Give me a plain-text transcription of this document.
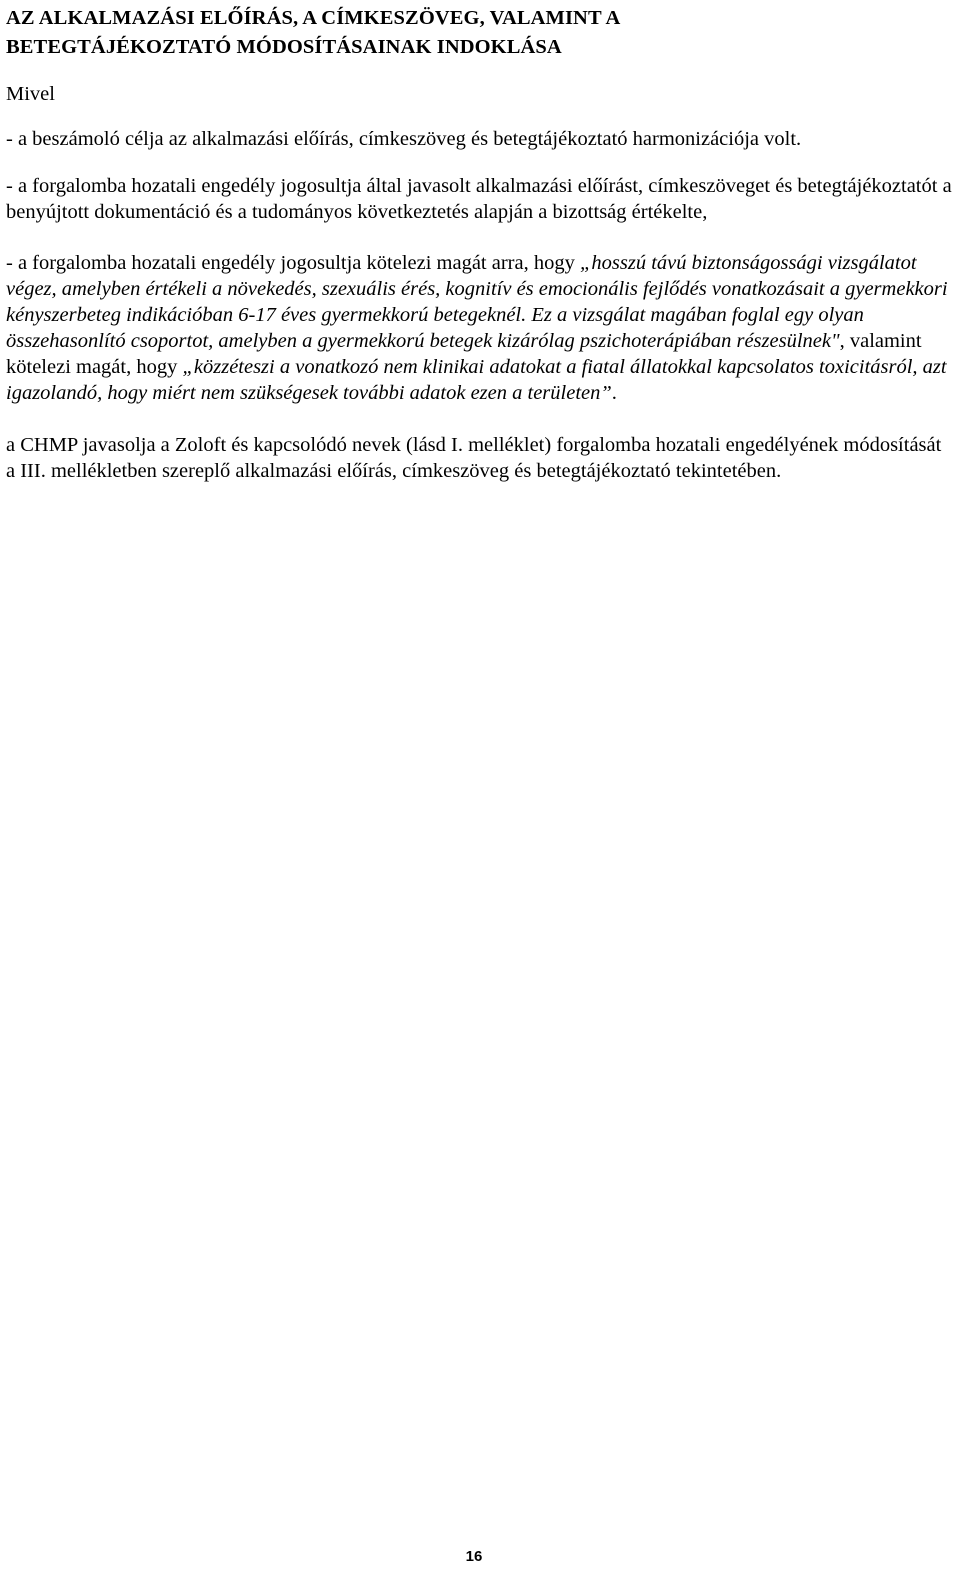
AZ ALKALMAZÁSI ELŐÍRÁS, A CÍMKESZÖVEG, VALAMINT A
BETEGTÁJÉKOZTATÓ MÓDOSÍTÁSAINAK INDOKLÁSA

Mivel

- a beszámoló célja az alkalmazási előírás, címkeszöveg és betegtájékoztató harmonizációja volt.

- a forgalomba hozatali engedély jogosultja által javasolt alkalmazási előírást, címkeszöveget és betegtájékoztatót a benyújtott dokumentáció és a tudományos következtetés alapján a bizottság értékelte,

- a forgalomba hozatali engedély jogosultja kötelezi magát arra, hogy „hosszú távú biztonságossági vizsgálatot végez, amelyben értékeli a növekedés, szexuális érés, kognitív és emocionális fejlődés vonatkozásait a gyermekkori kényszerbeteg indikációban 6-17 éves gyermekkorú betegeknél. Ez a vizsgálat magában foglal egy olyan összehasonlító csoportot, amelyben a gyermekkorú betegek kizárólag pszichoterápiában részesülnek", valamint kötelezi magát, hogy „közzéteszi a vonatkozó nem klinikai adatokat a fiatal állatokkal kapcsolatos toxicitásról, azt igazolandó, hogy miért nem szükségesek további adatok ezen a területen”.

a CHMP javasolja a Zoloft és kapcsolódó nevek (lásd I. melléklet) forgalomba hozatali engedélyének módosítását a III. mellékletben szereplő alkalmazási előírás, címkeszöveg és betegtájékoztató tekintetében.

16
